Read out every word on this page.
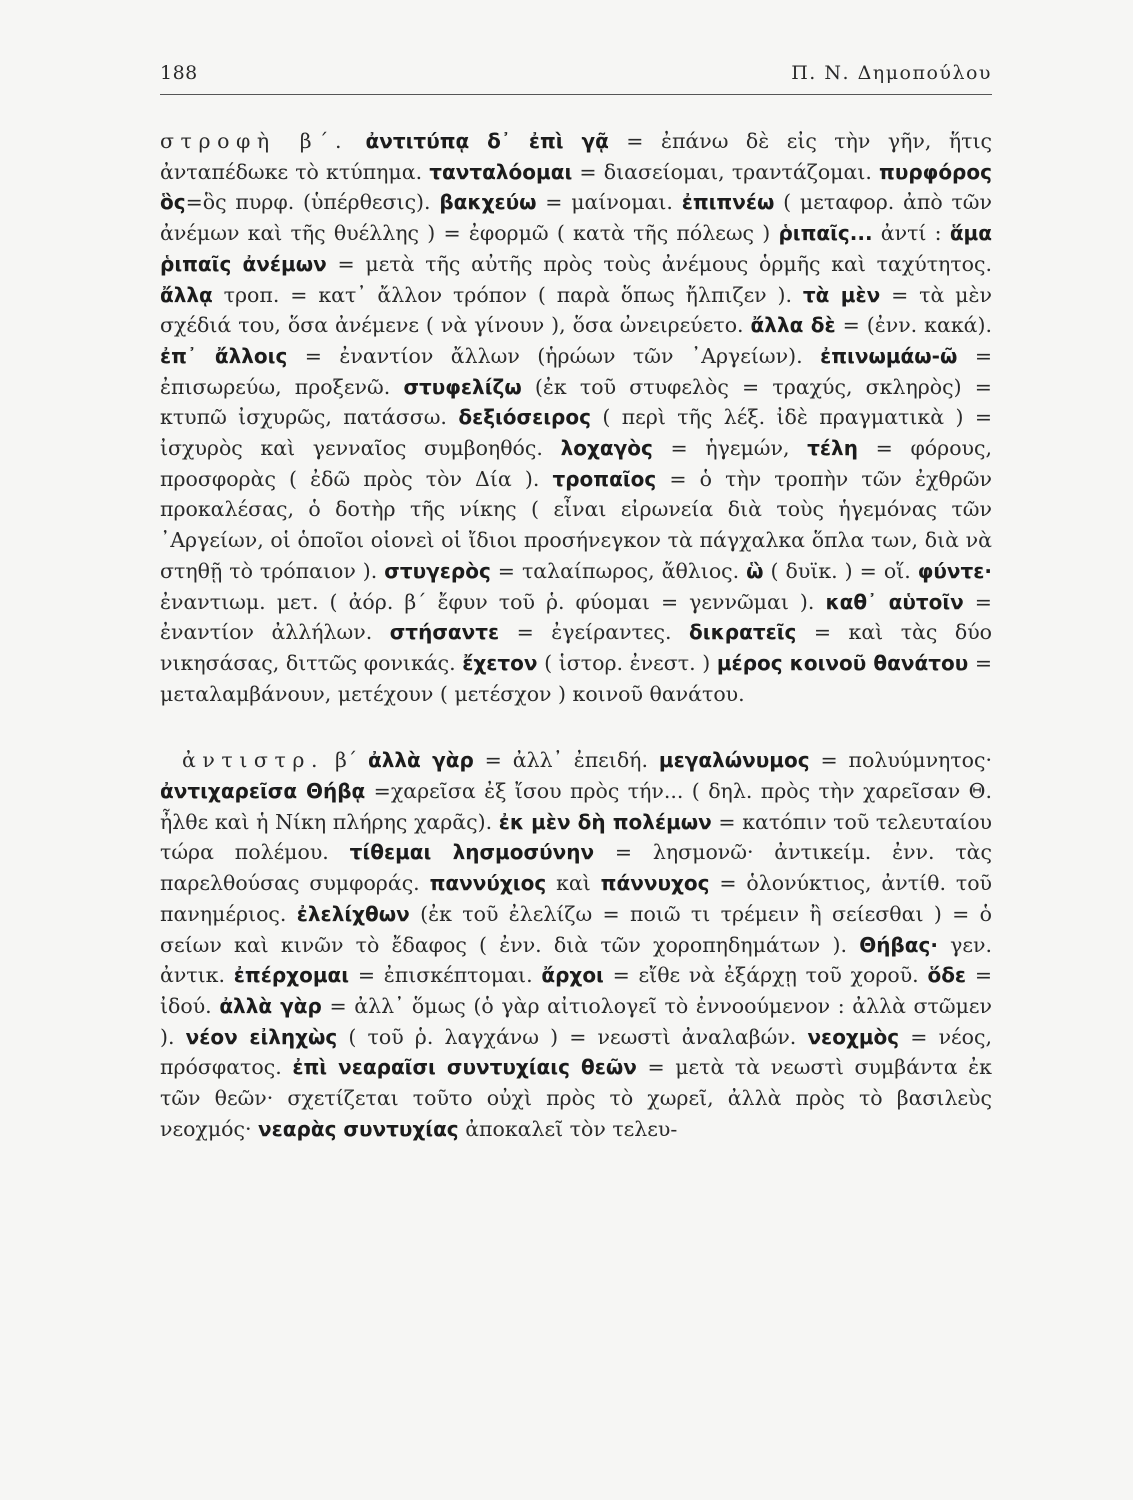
188	Π. Ν. Δημοπούλου

στροφὴ β΄. ἀντιτύπᾳ δ᾿ ἐπὶ γᾷ = ἐπάνω δὲ εἰς τὴν γῆν, ἥτις ἀνταπέδωκε τὸ κτύπημα. τανταλόομαι = διασείομαι, τραντάζομαι. πυρφόρος ὃς=ὃς πυρφ. (ὑπέρθεσις). βακχεύω = μαίνομαι. ἐπιπνέω ( μεταφορ. ἀπὸ τῶν ἀνέμων καὶ τῆς θυέλλης ) = ἐφορμῶ ( κατὰ τῆς πόλεως ) ῥιπαῖς... ἀντί : ἅμα ῥιπαῖς ἀνέμων = μετὰ τῆς αὐτῆς πρὸς τοὺς ἀνέμους ὁρμῆς καὶ ταχύτητος. ἄλλᾳ τροπ. = κατ᾿ ἄλλον τρόπον ( παρὰ ὅπως ἤλπιζεν ). τὰ μὲν = τὰ μὲν σχέδιά του, ὅσα ἀνέμενε ( νὰ γίνουν ), ὅσα ὠνειρεύετο. ἄλλα δὲ = (ἐνν. κακά). ἐπ᾿ ἄλλοις = ἐναντίον ἄλλων (ἡρώων τῶν ᾿Αργείων). ἐπινωμάω-ῶ = ἐπισωρεύω, προξενῶ. στυφελίζω (ἐκ τοῦ στυφελὸς = τραχύς, σκληρὸς) = κτυπῶ ἰσχυρῶς, πατάσσω. δεξιόσειρος ( περὶ τῆς λέξ. ἰδὲ πραγματικὰ ) = ἰσχυρὸς καὶ γενναῖος συμβοηθός. λοχαγὸς = ἡγεμών, τέλη = φόρους, προσφορὰς ( ἐδῶ πρὸς τὸν Δία ). τροπαῖος = ὁ τὴν τροπὴν τῶν ἐχθρῶν προκαλέσας, ὁ δοτὴρ τῆς νίκης ( εἶναι εἰρωνεία διὰ τοὺς ἡγεμόνας τῶν ᾿Αργείων, οἱ ὁποῖοι οἱονεὶ οἱ ἴδιοι προσήνεγκον τὰ πάγχαλκα ὅπλα των, διὰ νὰ στηθῇ τὸ τρόπαιον ). στυγερὸς = ταλαίπωρος, ἄθλιος. ὣ ( δυϊκ. ) = οἵ. φύντε· ἐναντιωμ. μετ. ( ἀόρ. β΄ ἔφυν τοῦ ῥ. φύομαι = γεννῶμαι ). καθ᾿ αὑτοῖν = ἐναντίον ἀλλήλων. στήσαντε = ἐγείραντες. δικρατεῖς = καὶ τὰς δύο νικησάσας, διττῶς φονικάς. ἔχετον ( ἱστορ. ἐνεστ. ) μέρος κοινοῦ θανάτου = μεταλαμβάνουν, μετέχουν ( μετέσχον ) κοινοῦ θανάτου.

ἀντιστρ. β΄ ἀλλὰ γὰρ = ἀλλ᾿ ἐπειδή. μεγαλώνυμος = πολυύμνητος· ἀντιχαρεῖσα Θήβᾳ =χαρεῖσα ἐξ ἴσου πρὸς τήν... ( δηλ. πρὸς τὴν χαρεῖσαν Θ. ἦλθε καὶ ἡ Νίκη πλήρης χαρᾶς). ἐκ μὲν δὴ πολέμων = κατόπιν τοῦ τελευταίου τώρα πολέμου. τίθεμαι λησμοσύνην = λησμονῶ· ἀντικείμ. ἐνν. τὰς παρελθούσας συμφοράς. παννύχιος καὶ πάννυχος = ὁλονύκτιος, ἀντίθ. τοῦ πανημέριος. ἐλελίχθων (ἐκ τοῦ ἐλελίζω = ποιῶ τι τρέμειν ἢ σείεσθαι ) = ὁ σείων καὶ κινῶν τὸ ἔδαφος ( ἐνν. διὰ τῶν χοροπηδημάτων ). Θήβας· γεν. ἀντικ. ἐπέρχομαι = ἐπισκέπτομαι. ἄρχοι = εἴθε νὰ ἐξάρχῃ τοῦ χοροῦ. ὅδε = ἰδού. ἀλλὰ γὰρ = ἀλλ᾿ ὅμως (ὁ γὰρ αἰτιολογεῖ τὸ ἐννοούμενον : ἀλλὰ στῶμεν ). νέον εἰληχὼς ( τοῦ ῥ. λαγχάνω ) = νεωστὶ ἀναλαβών. νεοχμὸς = νέος, πρόσφατος. ἐπὶ νεαραῖσι συντυχίαις θεῶν = μετὰ τὰ νεωστὶ συμβάντα ἐκ τῶν θεῶν· σχετίζεται τοῦτο οὐχὶ πρὸς τὸ χωρεῖ, ἀλλὰ πρὸς τὸ βασιλεὺς νεοχμός· νεαρὰς συντυχίας ἀποκαλεῖ τὸν τελευ-
